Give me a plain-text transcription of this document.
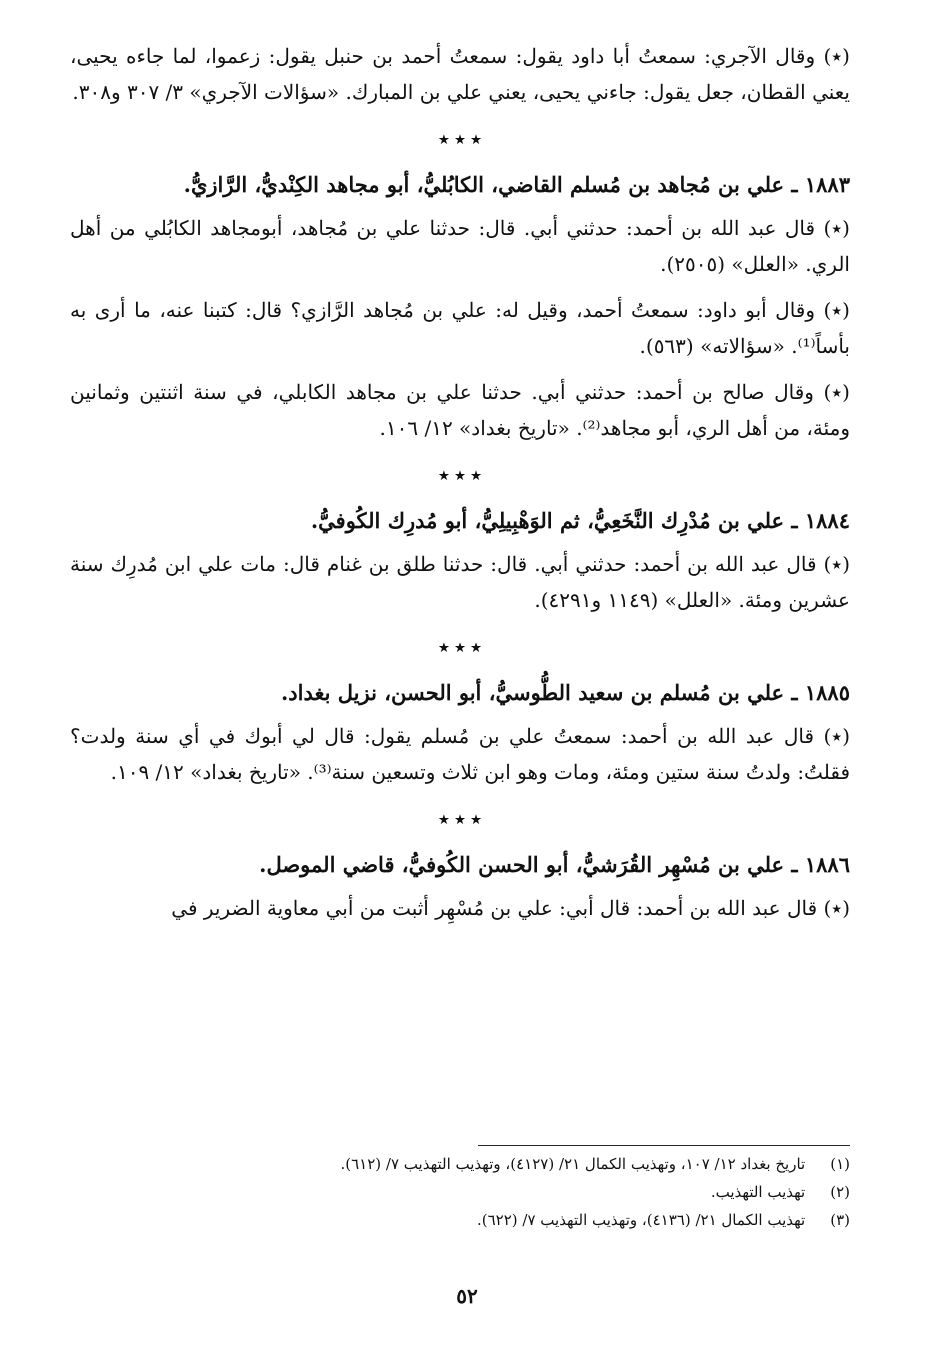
(٭) وقال الآجري: سمعتُ أبا داود يقول: سمعتُ أحمد بن حنبل يقول: زعموا، لما جاءه يحيى، يعني القطان، جعل يقول: جاءني يحيى، يعني علي بن المبارك. «سؤالات الآجري» ٣/ ٣٠٧ و٣٠٨.

٭ ٭ ٭
١٨٨٣ ـ علي بن مُجاهد بن مُسلم القاضي، الكابُليُّ، أبو مجاهد الكِنْديُّ، الرَّازيُّ.

(٭) قال عبد الله بن أحمد: حدثني أبي. قال: حدثنا علي بن مُجاهد، أبومجاهد الكابُلي من أهل الري. «العلل» (٢٥٠٥).

(٭) وقال أبو داود: سمعتُ أحمد، وقيل له: علي بن مُجاهد الرَّازي؟ قال: كتبنا عنه، ما أرى به بأساً⁽¹⁾. «سؤالاته» (٥٦٣).

(٭) وقال صالح بن أحمد: حدثني أبي. حدثنا علي بن مجاهد الكابلي، في سنة اثنتين وثمانين ومئة، من أهل الري، أبو مجاهد⁽²⁾. «تاريخ بغداد» ١٢/ ١٠٦.

٭ ٭ ٭
١٨٨٤ ـ علي بن مُدْرِك النَّخَعِيُّ، ثم الوَهْبِيلِيُّ، أبو مُدرِك الكُوفيُّ.

(٭) قال عبد الله بن أحمد: حدثني أبي. قال: حدثنا طلق بن غنام قال: مات علي ابن مُدرِك سنة عشرين ومئة. «العلل» (١١٤٩ و٤٢٩١).

٭ ٭ ٭
١٨٨٥ ـ علي بن مُسلم بن سعيد الطُّوسيُّ، أبو الحسن، نزيل بغداد.

(٭) قال عبد الله بن أحمد: سمعتُ علي بن مُسلم يقول: قال لي أبوك في أي سنة ولدت؟ فقلتُ: ولدتُ سنة ستين ومئة، ومات وهو ابن ثلاث وتسعين سنة⁽³⁾. «تاريخ بغداد» ١٢/ ١٠٩.

٭ ٭ ٭
١٨٨٦ ـ علي بن مُسْهِر القُرَشيُّ، أبو الحسن الكُوفيُّ، قاضي الموصل.

(٭) قال عبد الله بن أحمد: قال أبي: علي بن مُسْهِر أثبت من أبي معاوية الضرير في

(١) تاريخ بغداد ١٢/ ١٠٧، وتهذيب الكمال ٢١/ (٤١٢٧)، وتهذيب التهذيب ٧/ (٦١٢).
(٢) تهذيب التهذيب.
(٣) تهذيب الكمال ٢١/ (٤١٣٦)، وتهذيب التهذيب ٧/ (٦٢٢).
٥٢
